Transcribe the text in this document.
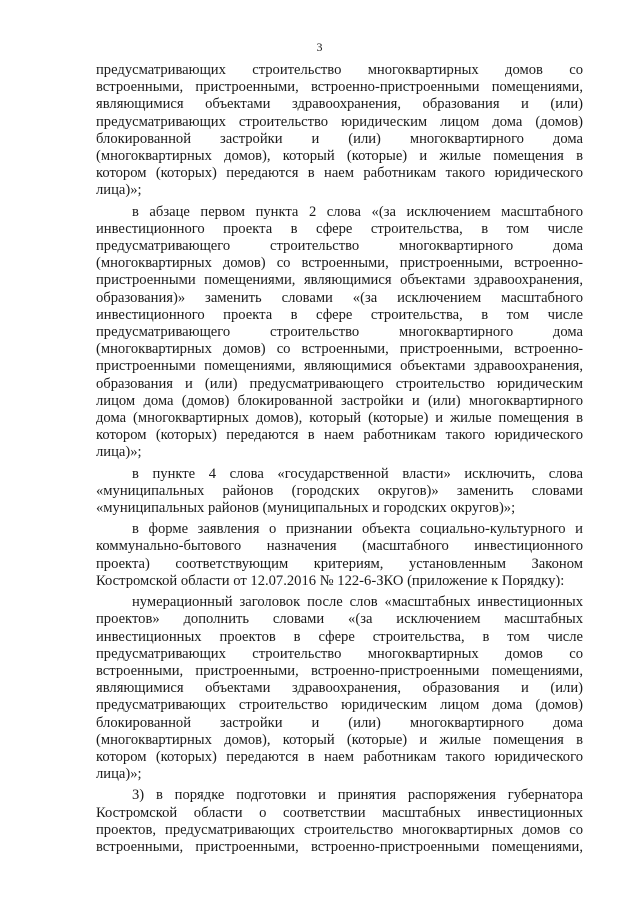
3
предусматривающих строительство многоквартирных домов со
встроенными, пристроенными, встроенно-пристроенными помещениями,
являющимися объектами здравоохранения, образования и (или)
предусматривающих строительство юридическим лицом дома (домов)
блокированной застройки и (или) многоквартирного дома
(многоквартирных домов), который (которые) и жилые помещения в
котором (которых) передаются в наем работникам такого юридического
лица)»;
в абзаце первом пункта 2 слова «(за исключением масштабного
инвестиционного проекта в сфере строительства, в том числе
предусматривающего строительство многоквартирного дома
(многоквартирных домов) со встроенными, пристроенными, встроенно-
пристроенными помещениями, являющимися объектами здравоохранения,
образования)» заменить словами «(за исключением масштабного
инвестиционного проекта в сфере строительства, в том числе
предусматривающего строительство многоквартирного дома
(многоквартирных домов) со встроенными, пристроенными, встроенно-
пристроенными помещениями, являющимися объектами здравоохранения,
образования и (или) предусматривающего строительство юридическим
лицом дома (домов) блокированной застройки и (или) многоквартирного
дома (многоквартирных домов), который (которые) и жилые помещения в
котором (которых) передаются в наем работникам такого юридического
лица)»;
в пункте 4 слова «государственной власти» исключить, слова
«муниципальных районов (городских округов)» заменить словами
«муниципальных районов (муниципальных и городских округов)»;
в форме заявления о признании объекта социально-культурного и
коммунально-бытового назначения (масштабного инвестиционного
проекта) соответствующим критериям, установленным Законом
Костромской области от 12.07.2016 № 122-6-ЗКО (приложение к Порядку):
нумерационный заголовок после слов «масштабных инвестиционных
проектов» дополнить словами «(за исключением масштабных
инвестиционных проектов в сфере строительства, в том числе
предусматривающих строительство многоквартирных домов со
встроенными, пристроенными, встроенно-пристроенными помещениями,
являющимися объектами здравоохранения, образования и (или)
предусматривающих строительство юридическим лицом дома (домов)
блокированной застройки и (или) многоквартирного дома
(многоквартирных домов), который (которые) и жилые помещения в
котором (которых) передаются в наем работникам такого юридического
лица)»;
3) в порядке подготовки и принятия распоряжения губернатора
Костромской области о соответствии масштабных инвестиционных
проектов, предусматривающих строительство многоквартирных домов со
встроенными, пристроенными, встроенно-пристроенными помещениями,
